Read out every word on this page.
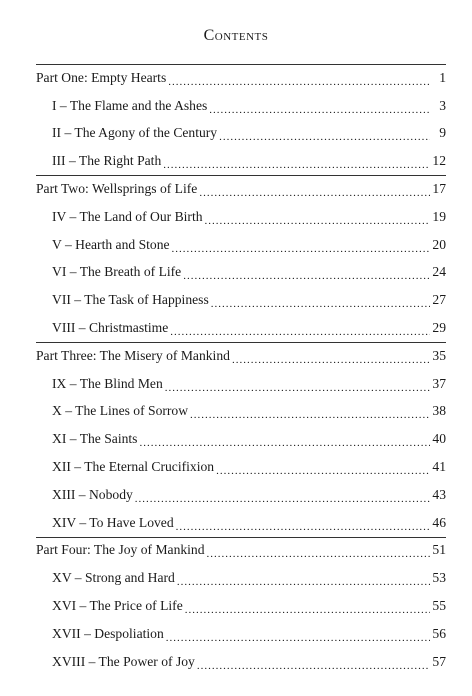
Contents
Part One: Empty Hearts .....	1
I – The Flame and the Ashes .....	3
II – The Agony of the Century .....	9
III – The Right Path .....	12
Part Two: Wellsprings of Life .....	17
IV – The Land of Our Birth .....	19
V – Hearth and Stone .....	20
VI – The Breath of Life .....	24
VII – The Task of Happiness .....	27
VIII – Christmastime .....	29
Part Three: The Misery of Mankind .....	35
IX – The Blind Men .....	37
X – The Lines of Sorrow .....	38
XI – The Saints .....	40
XII – The Eternal Crucifixion .....	41
XIII – Nobody .....	43
XIV – To Have Loved .....	46
Part Four: The Joy of Mankind .....	51
XV – Strong and Hard .....	53
XVI – The Price of Life .....	55
XVII – Despoliation .....	56
XVIII – The Power of Joy .....	57
